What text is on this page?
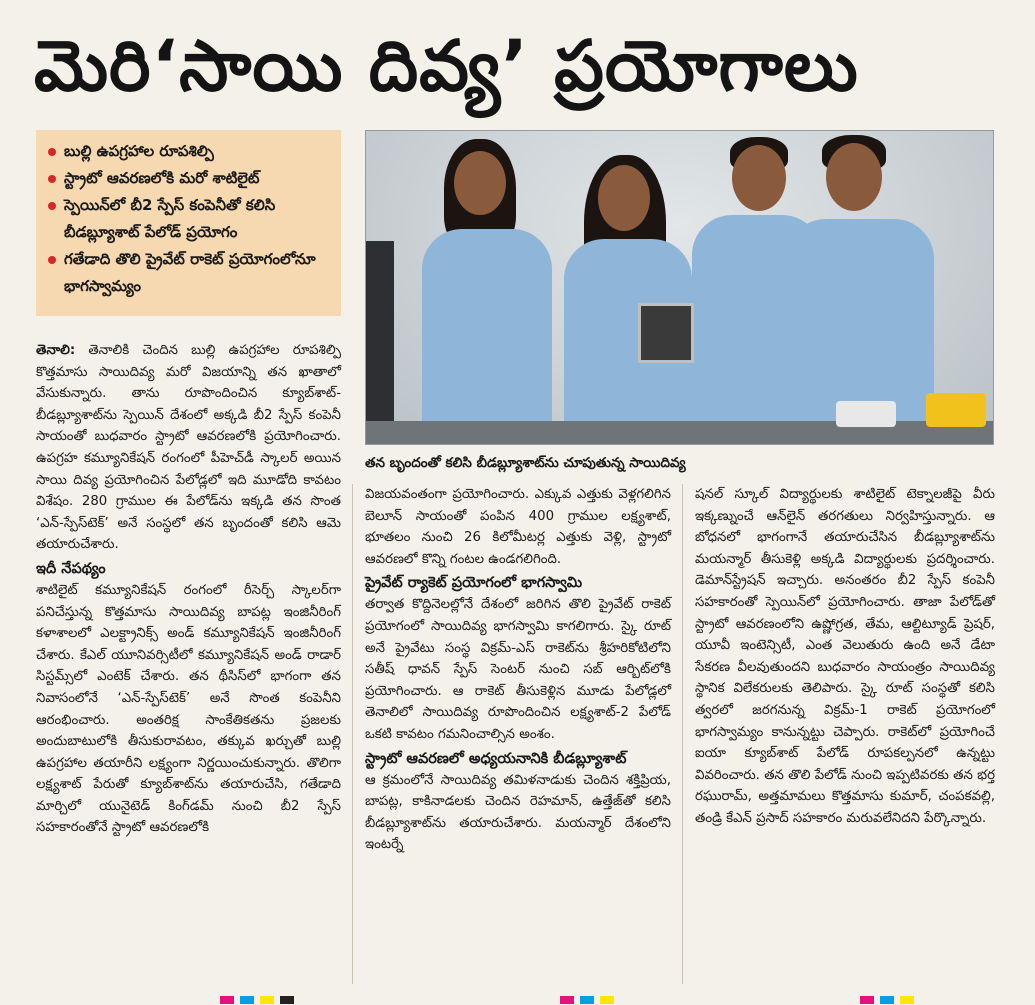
మెరి‘సాయి దివ్య’ ప్రయోగాలు
బుల్లి ఉపగ్రహాల రూపశిల్పి
స్ట్రాటో ఆవరణలోకి మరో శాటిలైట్
స్పెయిన్‌లో బీ2 స్పేస్ కంపెనీతో కలిసి బీడబ్ల్యూశాట్ పేలోడ్ ప్రయోగం
గతేడాది తొలి ప్రైవేట్ రాకెట్ ప్రయోగంలోనూ భాగస్వామ్యం
తన బృందంతో కలిసి బీడబ్ల్యూశాట్‌ను చూపుతున్న సాయిదివ్య

తెనాలి: తెనాలికి చెందిన బుల్లి ఉపగ్రహాల రూపశిల్పి కొత్తమాసు సాయిదివ్య మరో విజయాన్ని తన ఖాతాలో వేసుకున్నారు. తాను రూపొందించిన క్యూబ్‌శాట్-బీడబ్ల్యూశాట్‌ను స్పెయిన్ దేశంలో అక్కడి బీ2 స్పేస్ కంపెనీ సాయంతో బుధవారం స్ట్రాటో ఆవరణలోకి ప్రయోగించారు. ఉపగ్రహ కమ్యూనికేషన్ రంగంలో పీహెచ్‌డీ స్కాలర్ అయిన సాయి దివ్య ప్రయోగించిన పేలోడ్లలో ఇది మూడోది కావటం విశేషం. 280 గ్రాముల ఈ పేలోడ్‌ను ఇక్కడి తన సొంత ‘ఎన్-స్పేస్‌టెక్’ అనే సంస్థలో తన బృందంతో కలిసి ఆమె తయారుచేశారు.

ఇదీ నేపథ్యం

శాటిలైట్ కమ్యూనికేషన్ రంగంలో రీసెర్చ్ స్కాలర్‌గా పనిచేస్తున్న కొత్తమాసు సాయిదివ్య బాపట్ల ఇంజినీరింగ్ కళాశాలలో ఎలక్ట్రానిక్స్ అండ్ కమ్యూనికేషన్ ఇంజినీరింగ్ చేశారు. కేఎల్ యూనివర్సిటీలో కమ్యూనికేషన్ అండ్ రాడార్ సిస్టమ్స్‌లో ఎంటెక్ చేశారు. తన థీసిస్‌లో భాగంగా తన నివాసంలోనే ‘ఎన్-స్పేస్‌టెక్’ అనే సొంత కంపెనీని ఆరంభించారు. అంతరిక్ష సాంకేతికతను ప్రజలకు అందుబాటులోకి తీసుకురావటం, తక్కువ ఖర్చుతో బుల్లి ఉపగ్రహాల తయారీని లక్ష్యంగా నిర్ణయించుకున్నారు. తొలిగా లక్ష్యశాట్ పేరుతో క్యూబ్‌శాట్‌ను తయారుచేసి, గతేడాది మార్చిలో యునైటెడ్ కింగ్‌డమ్ నుంచి బీ2 స్పేస్ సహకారంతోనే స్ట్రాటో ఆవరణలోకి

విజయవంతంగా ప్రయోగించారు. ఎక్కువ ఎత్తుకు వెళ్లగలిగిన బెలూన్ సాయంతో పంపిన 400 గ్రాముల లక్ష్యశాట్, భూతలం నుంచి 26 కిలోమీటర్ల ఎత్తుకు వెళ్లి, స్ట్రాటో ఆవరణలో కొన్ని గంటల ఉండగలిగింది.

ప్రైవేట్ ర్యాకెట్ ప్రయోగంలో భాగస్వామి

తర్వాత కొద్దినెలల్లోనే దేశంలో జరిగిన తొలి ప్రైవేట్ రాకెట్ ప్రయోగంలో సాయిదివ్య భాగస్వామి కాగలిగారు. స్కై రూట్ అనే ప్రైవేటు సంస్థ విక్రమ్-ఎస్ రాకెట్‌ను శ్రీహరికోటిలోని సతీష్ ధావన్ స్పేస్ సెంటర్ నుంచి సబ్ ఆర్బిట్‌లోకి ప్రయోగించారు. ఆ రాకెట్ తీసుకెళ్లిన మూడు పేలోడ్లలో తెనాలిలో సాయిదివ్య రూపొందించిన లక్ష్యశాట్-2 పేలోడ్ ఒకటి కావటం గమనించాల్సిన అంశం.

స్ట్రాటో ఆవరణలో అధ్యయనానికి బీడబ్ల్యూశాట్

ఆ క్రమంలోనే సాయిదివ్య తమిళనాడుకు చెందిన శక్తిప్రియ, బాపట్ల, కాకినాడలకు చెందిన రెహమాన్, ఉత్తేజ్‌తో కలిసి బీడబ్ల్యూశాట్‌ను తయారుచేశారు. మయన్మార్ దేశంలోని ఇంటర్నే

షనల్ స్కూల్ విద్యార్థులకు శాటిలైట్ టెక్నాలజీపై వీరు ఇక్కణ్నుంచే ఆన్‌లైన్ తరగతులు నిర్వహిస్తున్నారు. ఆ బోధనలో భాగంగానే తయారుచేసిన బీడబ్ల్యూశాట్‌ను మయన్మార్ తీసుకెళ్లి అక్కడి విద్యార్థులకు ప్రదర్శించారు. డెమాన్‌స్ట్రేషన్ ఇచ్చారు. అనంతరం బీ2 స్పేస్ కంపెనీ సహకారంతో స్పెయిన్‌లో ప్రయోగించారు. తాజా పేలోడ్‌తో స్ట్రాటో ఆవరణంలోని ఉష్ణోగ్రత, తేమ, ఆల్టిట్యూడ్ ప్రెషర్, యూవీ ఇంటెన్సిటీ, ఎంత వెలుతురు ఉంది అనే డేటా సేకరణ వీలవుతుందని బుధవారం సాయంత్రం సాయిదివ్య స్థానిక విలేకరులకు తెలిపారు. స్కై రూట్ సంస్థతో కలిసి త్వరలో జరగనున్న విక్రమ్-1 రాకెట్ ప్రయోగంలో భాగస్వామ్యం కానున్నట్టు చెప్పారు. రాకెట్‌లో ప్రయోగించే ఐయా క్యూబ్‌శాట్ పేలోడ్ రూపకల్పనలో ఉన్నట్టు వివరించారు. తన తొలి పేలోడ్ నుంచి ఇప్పటివరకు తన భర్త రఘురామ్, అత్తమామలు కొత్తమాసు కుమార్, చంపకవల్లి, తండ్రి కేఎన్ ప్రసాద్ సహకారం మరువలేనిదని పేర్కొన్నారు.
